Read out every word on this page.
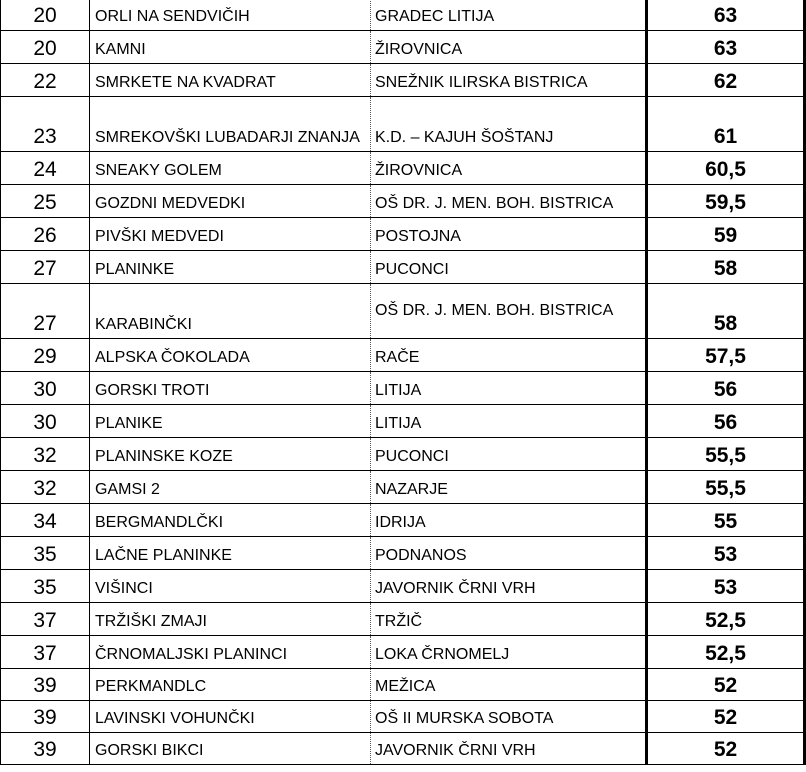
20	ORLI NA SENDVIČIH	GRADEC LITIJA	63
20	KAMNI	ŽIROVNICA	63
22	SMRKETE NA KVADRAT	SNEŽNIK ILIRSKA BISTRICA	62
23	SMREKOVŠKI LUBADARJI ZNANJA	K.D. – KAJUH ŠOŠTANJ	61
24	SNEAKY GOLEM	ŽIROVNICA	60,5
25	GOZDNI MEDVEDKI	OŠ DR. J. MEN. BOH. BISTRICA	59,5
26	PIVŠKI MEDVEDI	POSTOJNA	59
27	PLANINKE	PUCONCI	58
27	KARABINČKI	OŠ DR. J. MEN. BOH. BISTRICA	58
29	ALPSKA ČOKOLADA	RAČE	57,5
30	GORSKI TROTI	LITIJA	56
30	PLANIKE	LITIJA	56
32	PLANINSKE KOZE	PUCONCI	55,5
32	GAMSI 2	NAZARJE	55,5
34	BERGMANDLČKI	IDRIJA	55
35	LAČNE PLANINKE	PODNANOS	53
35	VIŠINCI	JAVORNIK ČRNI VRH	53
37	TRŽIŠKI ZMAJI	TRŽIČ	52,5
37	ČRNOMALJSKI PLANINCI	LOKA ČRNOMELJ	52,5
39	PERKMANDLC	MEŽICA	52
39	LAVINSKI VOHUNČKI	OŠ II MURSKA SOBOTA	52
39	GORSKI BIKCI	JAVORNIK ČRNI VRH	52
